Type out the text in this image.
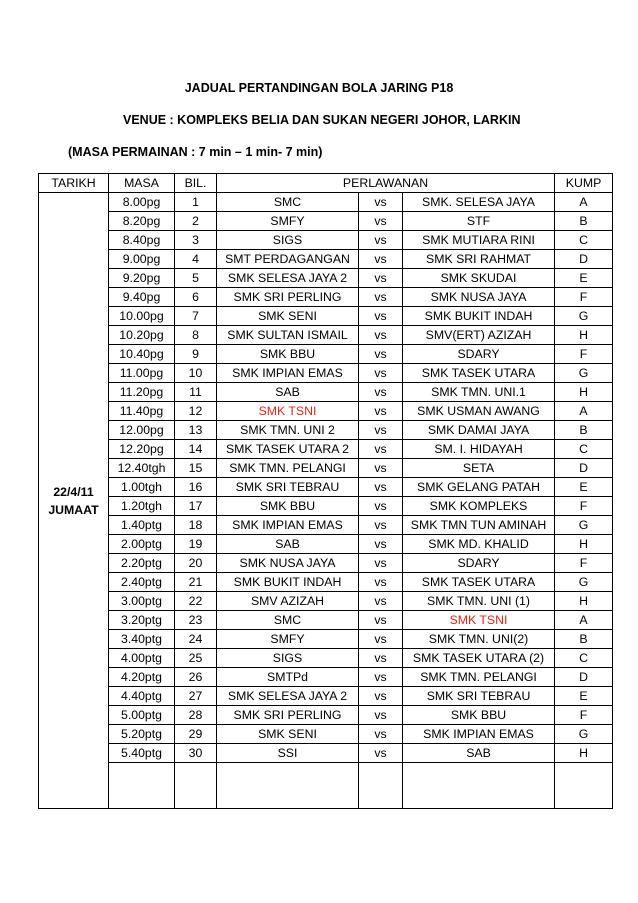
JADUAL PERTANDINGAN BOLA JARING P18
VENUE : KOMPLEKS BELIA DAN SUKAN NEGERI JOHOR, LARKIN
(MASA PERMAINAN : 7 min – 1 min- 7 min)
TARIKH	MASA	BIL.	PERLAWANAN			KUMP

22/4/11
JUMAAT	8.00pg	1	SMC	vs	SMK. SELESA JAYA	A
	8.20pg	2	SMFY	vs	STF	B
	8.40pg	3	SIGS	vs	SMK MUTIARA RINI	C
	9.00pg	4	SMT PERDAGANGAN	vs	SMK SRI RAHMAT	D
	9.20pg	5	SMK SELESA JAYA 2	vs	SMK SKUDAI	E
	9.40pg	6	SMK SRI PERLING	vs	SMK NUSA JAYA	F
	10.00pg	7	SMK SENI	vs	SMK BUKIT INDAH	G
	10.20pg	8	SMK SULTAN ISMAIL	vs	SMV(ERT) AZIZAH	H
	10.40pg	9	SMK BBU	vs	SDARY	F
	11.00pg	10	SMK IMPIAN EMAS	vs	SMK TASEK UTARA	G
	11.20pg	11	SAB	vs	SMK TMN. UNI.1	H
	11.40pg	12	SMK TSNI	vs	SMK USMAN AWANG	A
	12.00pg	13	SMK TMN. UNI 2	vs	SMK DAMAI JAYA	B
	12.20pg	14	SMK TASEK UTARA 2	vs	SM. I. HIDAYAH	C
	12.40tgh	15	SMK TMN. PELANGI	vs	SETA	D
	1.00tgh	16	SMK SRI TEBRAU	vs	SMK GELANG PATAH	E
	1.20tgh	17	SMK BBU	vs	SMK KOMPLEKS	F
	1.40ptg	18	SMK IMPIAN EMAS	vs	SMK TMN TUN AMINAH	G
	2.00ptg	19	SAB	vs	SMK MD. KHALID	H
	2.20ptg	20	SMK NUSA JAYA	vs	SDARY	F
	2.40ptg	21	SMK BUKIT INDAH	vs	SMK TASEK UTARA	G
	3.00ptg	22	SMV AZIZAH	vs	SMK TMN. UNI (1)	H
	3.20ptg	23	SMC	vs	SMK TSNI	A
	3.40ptg	24	SMFY	vs	SMK TMN. UNI(2)	B
	4.00ptg	25	SIGS	vs	SMK TASEK UTARA (2)	C
	4.20ptg	26	SMTPd	vs	SMK TMN. PELANGI	D
	4.40ptg	27	SMK SELESA JAYA 2	vs	SMK SRI TEBRAU	E
	5.00ptg	28	SMK SRI PERLING	vs	SMK BBU	F
	5.20ptg	29	SMK SENI	vs	SMK IMPIAN EMAS	G
	5.40ptg	30	SSI	vs	SAB	H
